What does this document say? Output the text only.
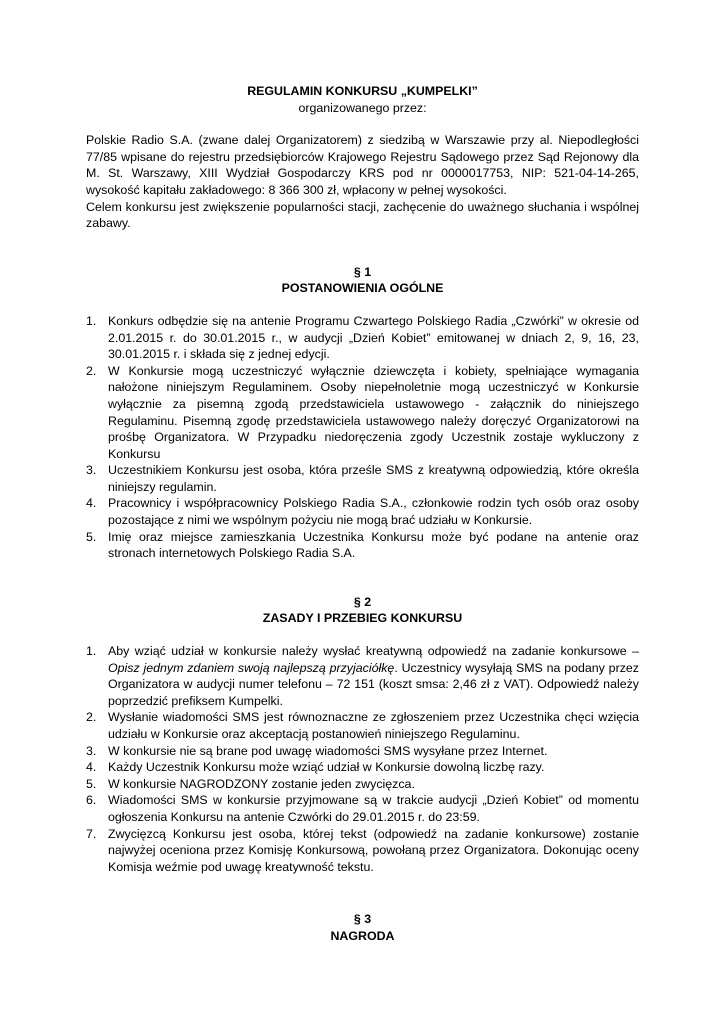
REGULAMIN KONKURSU „KUMPELKI”

organizowanego przez:

Polskie Radio S.A. (zwane dalej Organizatorem) z siedzibą w Warszawie przy al. Niepodległości 77/85 wpisane do rejestru przedsiębiorców Krajowego Rejestru Sądowego przez Sąd Rejonowy dla M. St. Warszawy, XIII Wydział Gospodarczy KRS pod nr 0000017753, NIP: 521-04-14-265, wysokość kapitału zakładowego: 8 366 300 zł, wpłacony w pełnej wysokości.

Celem konkursu jest zwiększenie popularności stacji, zachęcenie do uważnego słuchania i wspólnej zabawy.

§ 1

POSTANOWIENIA OGÓLNE

1. Konkurs odbędzie się na antenie Programu Czwartego Polskiego Radia „Czwórki” w okresie od 2.01.2015 r. do 30.01.2015 r., w audycji „Dzień Kobiet” emitowanej w dniach 2, 9, 16, 23, 30.01.2015 r. i składa się z jednej edycji.
2. W Konkursie mogą uczestniczyć wyłącznie dziewczęta i kobiety, spełniające wymagania nałożone niniejszym Regulaminem. Osoby niepełnoletnie mogą uczestniczyć w Konkursie wyłącznie za pisemną zgodą przedstawiciela ustawowego - załącznik do niniejszego Regulaminu. Pisemną zgodę przedstawiciela ustawowego należy doręczyć Organizatorowi na prośbę Organizatora. W Przypadku niedoręczenia zgody Uczestnik zostaje wykluczony z Konkursu
3. Uczestnikiem Konkursu jest osoba, która prześle SMS z kreatywną odpowiedzią, które określa niniejszy regulamin.
4. Pracownicy i współpracownicy Polskiego Radia S.A., członkowie rodzin tych osób oraz osoby pozostające z nimi we wspólnym pożyciu nie mogą brać udziału w Konkursie.
5. Imię oraz miejsce zamieszkania Uczestnika Konkursu może być podane na antenie oraz stronach internetowych Polskiego Radia S.A.

§ 2

ZASADY I PRZEBIEG KONKURSU

1. Aby wziąć udział w konkursie należy wysłać kreatywną odpowiedź na zadanie konkursowe – Opisz jednym zdaniem swoją najlepszą przyjaciółkę. Uczestnicy wysyłają SMS na podany przez Organizatora w audycji numer telefonu – 72 151 (koszt smsa: 2,46 zł z VAT). Odpowiedź należy poprzedzić prefiksem Kumpelki.
2. Wysłanie wiadomości SMS jest równoznaczne ze zgłoszeniem przez Uczestnika chęci wzięcia udziału w Konkursie oraz akceptacją postanowień niniejszego Regulaminu.
3. W konkursie nie są brane pod uwagę wiadomości SMS wysyłane przez Internet.
4. Każdy Uczestnik Konkursu może wziąć udział w Konkursie dowolną liczbę razy.
5. W konkursie NAGRODZONY zostanie jeden zwycięzca.
6. Wiadomości SMS w konkursie przyjmowane są w trakcie audycji „Dzień Kobiet” od momentu ogłoszenia Konkursu na antenie Czwórki do 29.01.2015 r. do 23:59.
7. Zwycięzcą Konkursu jest osoba, której tekst (odpowiedź na zadanie konkursowe) zostanie najwyżej oceniona przez Komisję Konkursową, powołaną przez Organizatora. Dokonując oceny Komisja weźmie pod uwagę kreatywność tekstu.

§ 3

NAGRODA
